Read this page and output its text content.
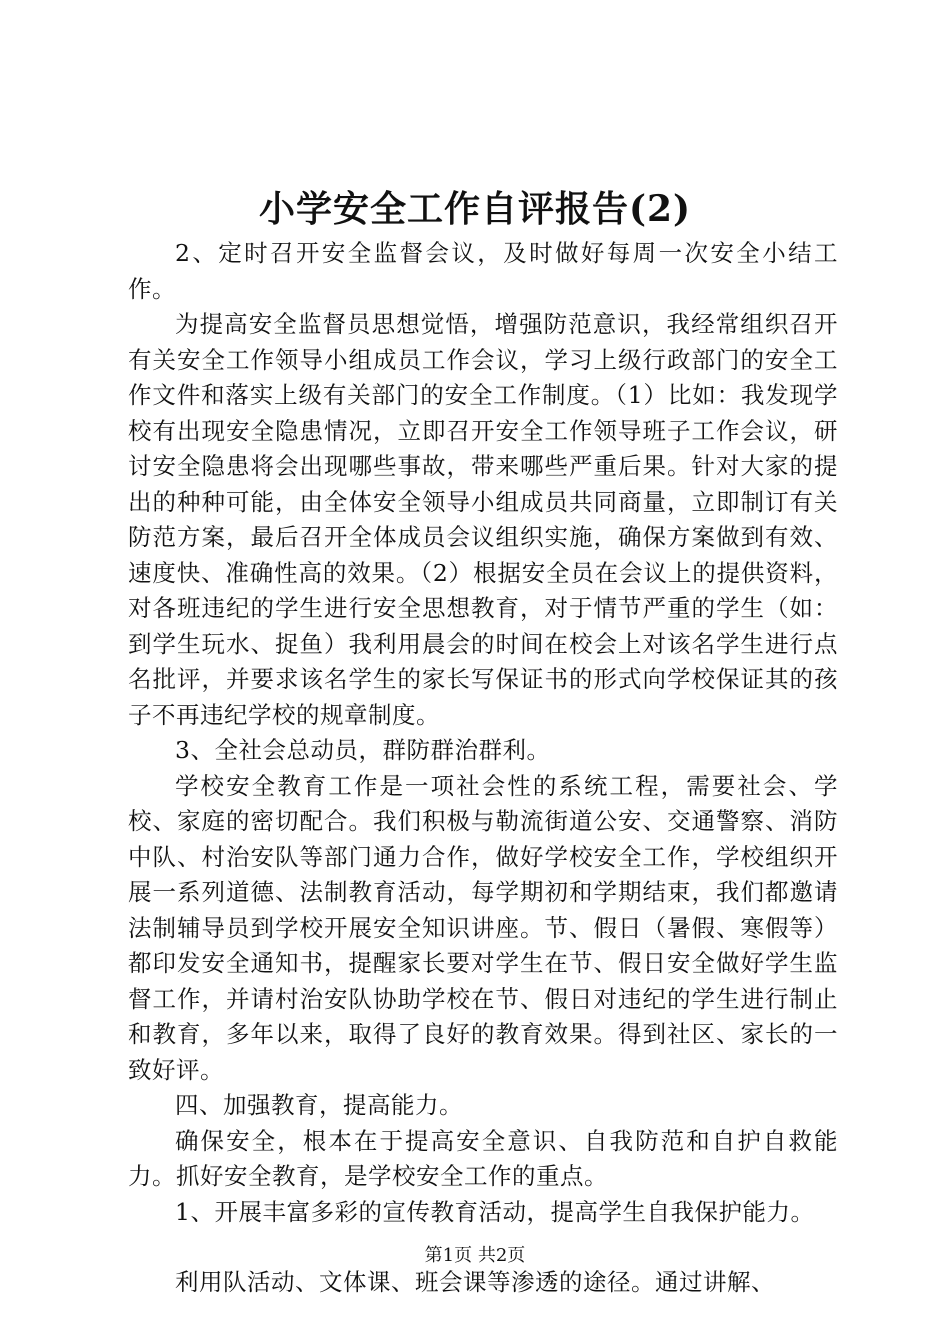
小学安全工作自评报告(2)

2、定时召开安全监督会议，及时做好每周一次安全小结工作。

为提高安全监督员思想觉悟，增强防范意识，我经常组织召开有关安全工作领导小组成员工作会议，学习上级行政部门的安全工作文件和落实上级有关部门的安全工作制度。（1）比如：我发现学校有出现安全隐患情况，立即召开安全工作领导班子工作会议，研讨安全隐患将会出现哪些事故，带来哪些严重后果。针对大家的提出的种种可能，由全体安全领导小组成员共同商量，立即制订有关防范方案，最后召开全体成员会议组织实施，确保方案做到有效、速度快、准确性高的效果。（2）根据安全员在会议上的提供资料，对各班违纪的学生进行安全思想教育，对于情节严重的学生（如：到学生玩水、捉鱼）我利用晨会的时间在校会上对该名学生进行点名批评，并要求该名学生的家长写保证书的形式向学校保证其的孩子不再违纪学校的规章制度。

3、全社会总动员，群防群治群利。

学校安全教育工作是一项社会性的系统工程，需要社会、学校、家庭的密切配合。我们积极与勒流街道公安、交通警察、消防中队、村治安队等部门通力合作，做好学校安全工作，学校组织开展一系列道德、法制教育活动，每学期初和学期结束，我们都邀请法制辅导员到学校开展安全知识讲座。节、假日（暑假、寒假等）都印发安全通知书，提醒家长要对学生在节、假日安全做好学生监督工作，并请村治安队协助学校在节、假日对违纪的学生进行制止和教育，多年以来，取得了良好的教育效果。得到社区、家长的一致好评。

四、加强教育，提高能力。

确保安全，根本在于提高安全意识、自我防范和自护自救能力。抓好安全教育，是学校安全工作的重点。

1、开展丰富多彩的宣传教育活动，提高学生自我保护能力。

利用队活动、文体课、班会课等渗透的途径。通过讲解、

第1页 共2页
